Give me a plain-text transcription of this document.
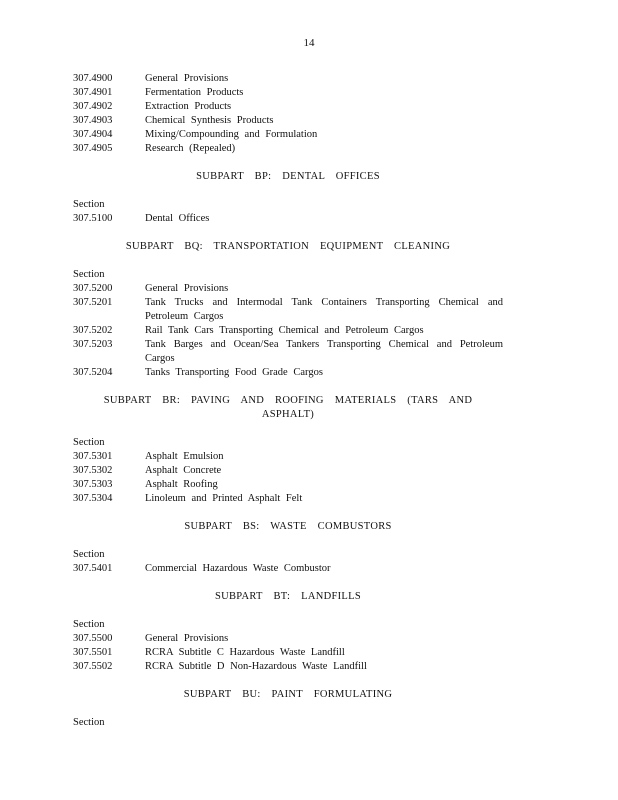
14
307.4900	General Provisions
307.4901	Fermentation Products
307.4902	Extraction Products
307.4903	Chemical Synthesis Products
307.4904	Mixing/Compounding and Formulation
307.4905	Research (Repealed)
SUBPART BP: DENTAL OFFICES
Section
307.5100	Dental Offices
SUBPART BQ: TRANSPORTATION EQUIPMENT CLEANING
Section
307.5200	General Provisions
307.5201	Tank Trucks and Intermodal Tank Containers Transporting Chemical and Petroleum Cargos
307.5202	Rail Tank Cars Transporting Chemical and Petroleum Cargos
307.5203	Tank Barges and Ocean/Sea Tankers Transporting Chemical and Petroleum Cargos
307.5204	Tanks Transporting Food Grade Cargos
SUBPART BR: PAVING AND ROOFING MATERIALS (TARS AND ASPHALT)
Section
307.5301	Asphalt Emulsion
307.5302	Asphalt Concrete
307.5303	Asphalt Roofing
307.5304	Linoleum and Printed Asphalt Felt
SUBPART BS: WASTE COMBUSTORS
Section
307.5401	Commercial Hazardous Waste Combustor
SUBPART BT: LANDFILLS
Section
307.5500	General Provisions
307.5501	RCRA Subtitle C Hazardous Waste Landfill
307.5502	RCRA Subtitle D Non-Hazardous Waste Landfill
SUBPART BU: PAINT FORMULATING
Section
